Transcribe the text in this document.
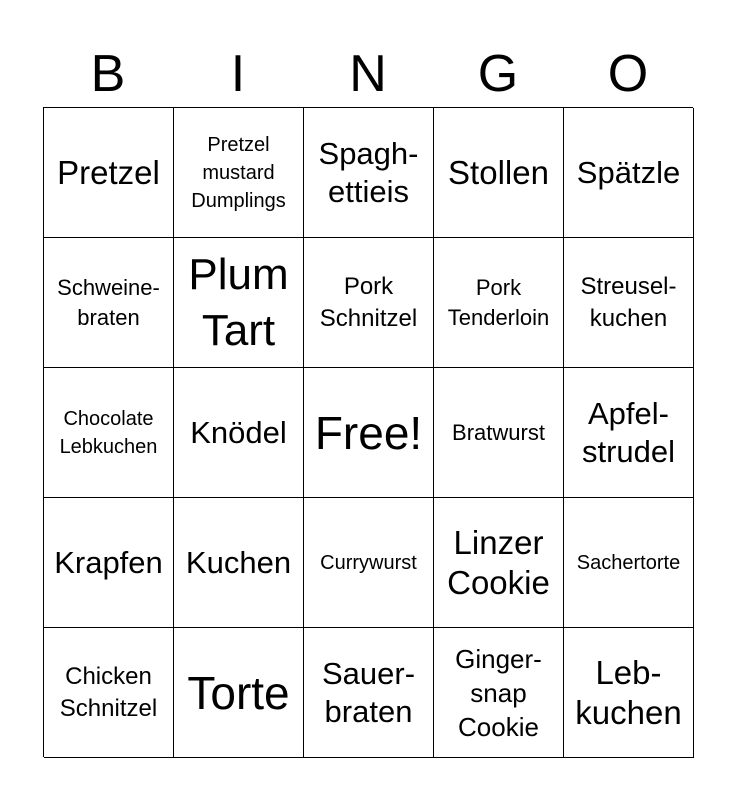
B	I	N	G	O
Pretzel
Pretzel
mustard
Dumplings
Spagh-
ettieis
Stollen Spätzle
Schweine-
braten
Plum
Tart
Pork
Schnitzel
Pork
Tenderloin
Streusel-
kuchen
Chocolate
Lebkuchen Knödel Free! Bratwurst
Apfel-
strudel
Krapfen Kuchen Currywurst
Linzer
Cookie
Sachertorte
Chicken
Schnitzel Torte Sauer-
braten
Ginger-
snap
Cookie
Leb-
kuchen
